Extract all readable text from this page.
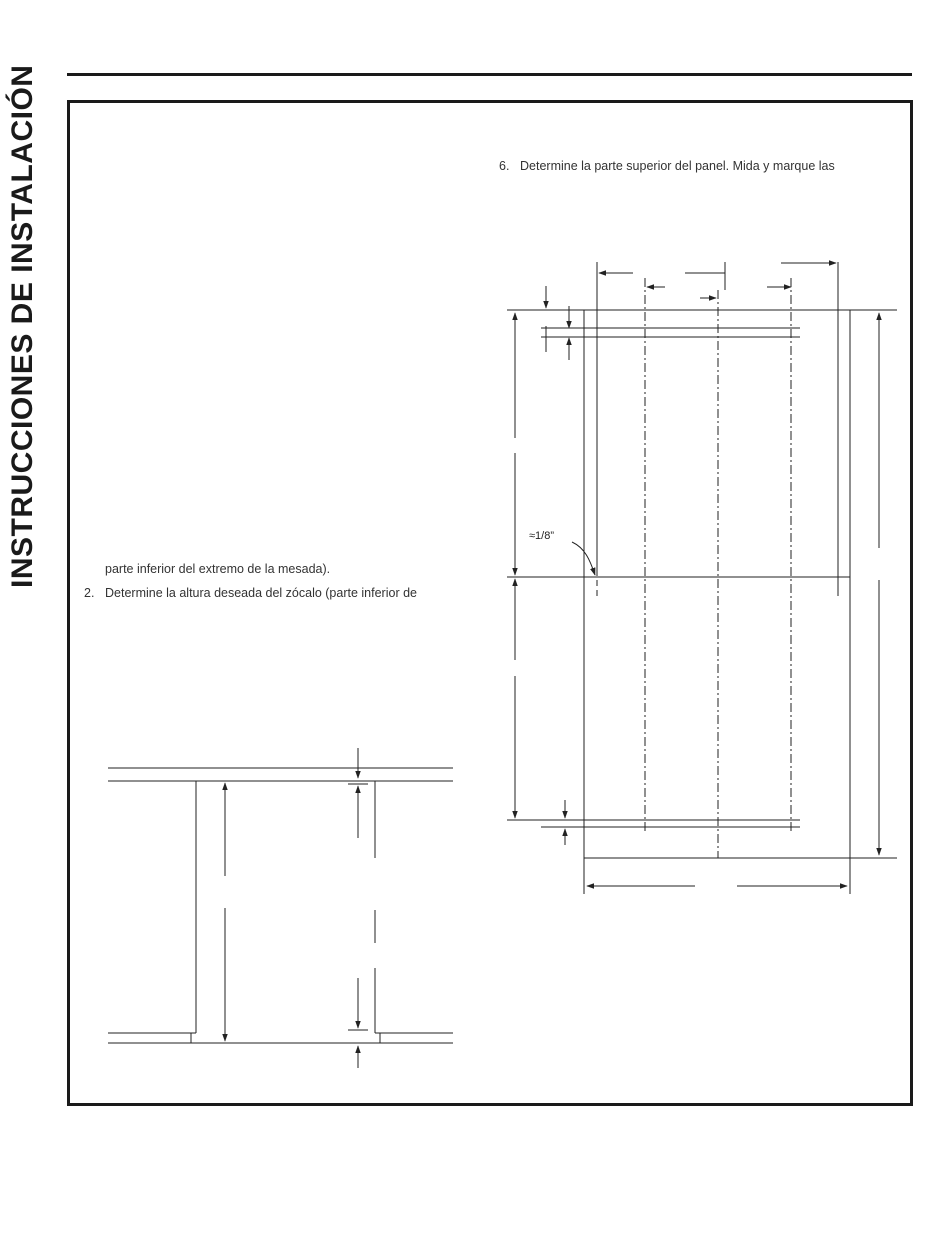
INSTRUCCIONES DE INSTALACIÓN	6. Determine la parte superior del panel. Mida y marque las
parte inferior del extremo de la mesada).
2. Determine la altura deseada del zócalo (parte inferior de
≈1/8”
